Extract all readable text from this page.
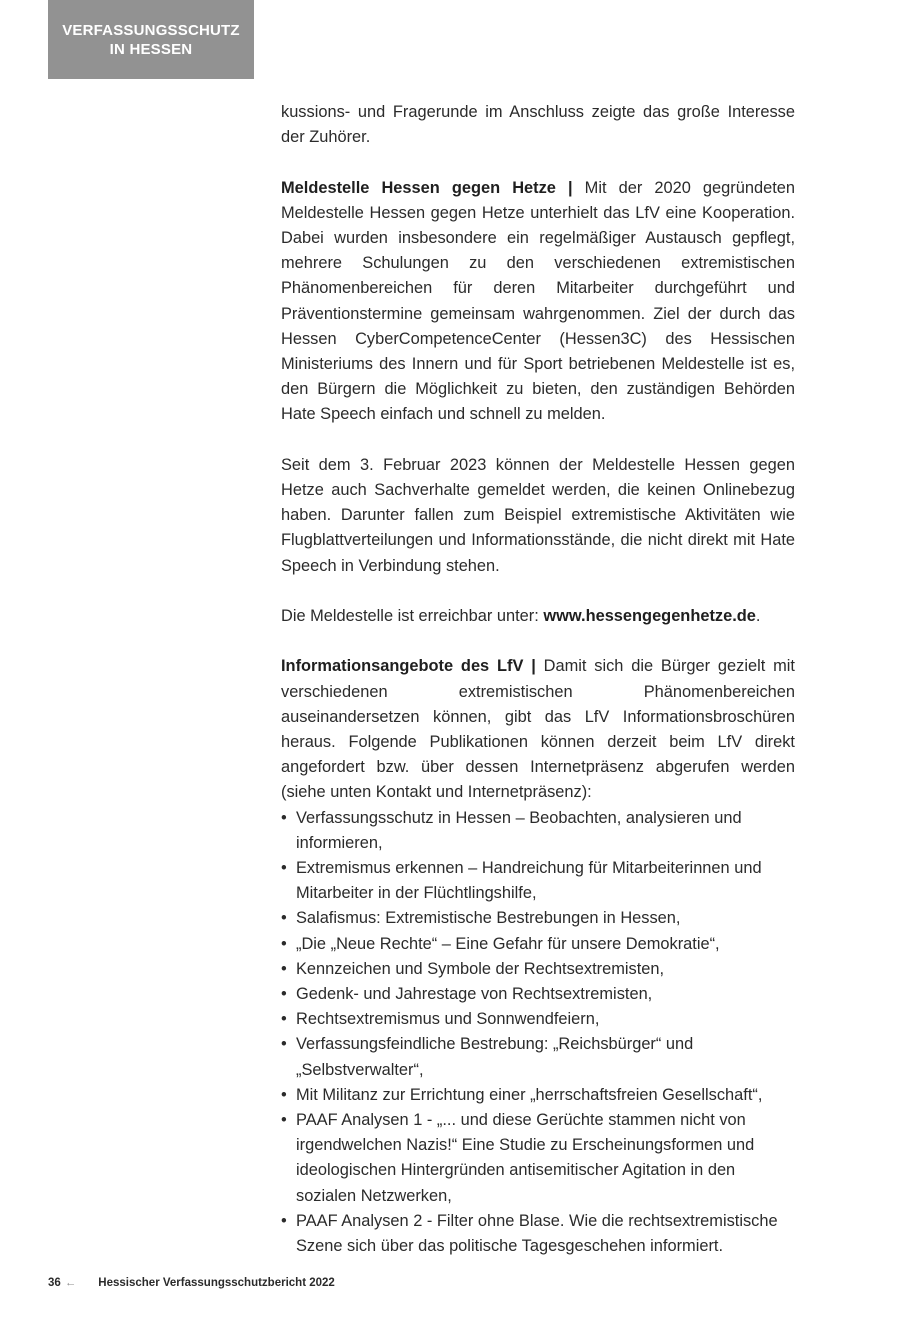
VERFASSUNGSSCHUTZ
IN HESSEN

kussions- und Fragerunde im Anschluss zeigte das große Interesse der Zuhörer.

Meldestelle Hessen gegen Hetze | Mit der 2020 gegründeten Meldestelle Hessen gegen Hetze unterhielt das LfV eine Kooperation. Dabei wurden insbesondere ein regelmäßiger Austausch gepflegt, mehrere Schulungen zu den verschiedenen extremistischen Phänomenbereichen für deren Mitarbeiter durchgeführt und Präventionstermine gemeinsam wahrgenommen. Ziel der durch das Hessen CyberCompetenceCenter (Hessen3C) des Hessischen Ministeriums des Innern und für Sport betriebenen Meldestelle ist es, den Bürgern die Möglichkeit zu bieten, den zuständigen Behörden Hate Speech einfach und schnell zu melden.

Seit dem 3. Februar 2023 können der Meldestelle Hessen gegen Hetze auch Sachverhalte gemeldet werden, die keinen Onlinebezug haben. Darunter fallen zum Beispiel extremistische Aktivitäten wie Flugblattverteilungen und Informationsstände, die nicht direkt mit Hate Speech in Verbindung stehen.

Die Meldestelle ist erreichbar unter: www.hessengegenhetze.de.

Informationsangebote des LfV | Damit sich die Bürger gezielt mit verschiedenen extremistischen Phänomenbereichen auseinandersetzen können, gibt das LfV Informationsbroschüren heraus. Folgende Publikationen können derzeit beim LfV direkt angefordert bzw. über dessen Internetpräsenz abgerufen werden (siehe unten Kontakt und Internetpräsenz):

• Verfassungsschutz in Hessen – Beobachten, analysieren und informieren,
• Extremismus erkennen – Handreichung für Mitarbeiterinnen und Mitarbeiter in der Flüchtlingshilfe,
• Salafismus: Extremistische Bestrebungen in Hessen,
• „Die „Neue Rechte“ – Eine Gefahr für unsere Demokratie“,
• Kennzeichen und Symbole der Rechtsextremisten,
• Gedenk- und Jahrestage von Rechtsextremisten,
• Rechtsextremismus und Sonnwendfeiern,
• Verfassungsfeindliche Bestrebung: „Reichsbürger“ und „Selbstverwalter“,
• Mit Militanz zur Errichtung einer „herrschaftsfreien Gesellschaft“,
• PAAF Analysen 1 - „... und diese Gerüchte stammen nicht von irgendwelchen Nazis!“ Eine Studie zu Erscheinungsformen und ideologischen Hintergründen antisemitischer Agitation in den sozialen Netzwerken,
• PAAF Analysen 2 - Filter ohne Blase. Wie die rechtsextremistische Szene sich über das politische Tagesgeschehen informiert.
36 ← Hessischer Verfassungsschutzbericht 2022
